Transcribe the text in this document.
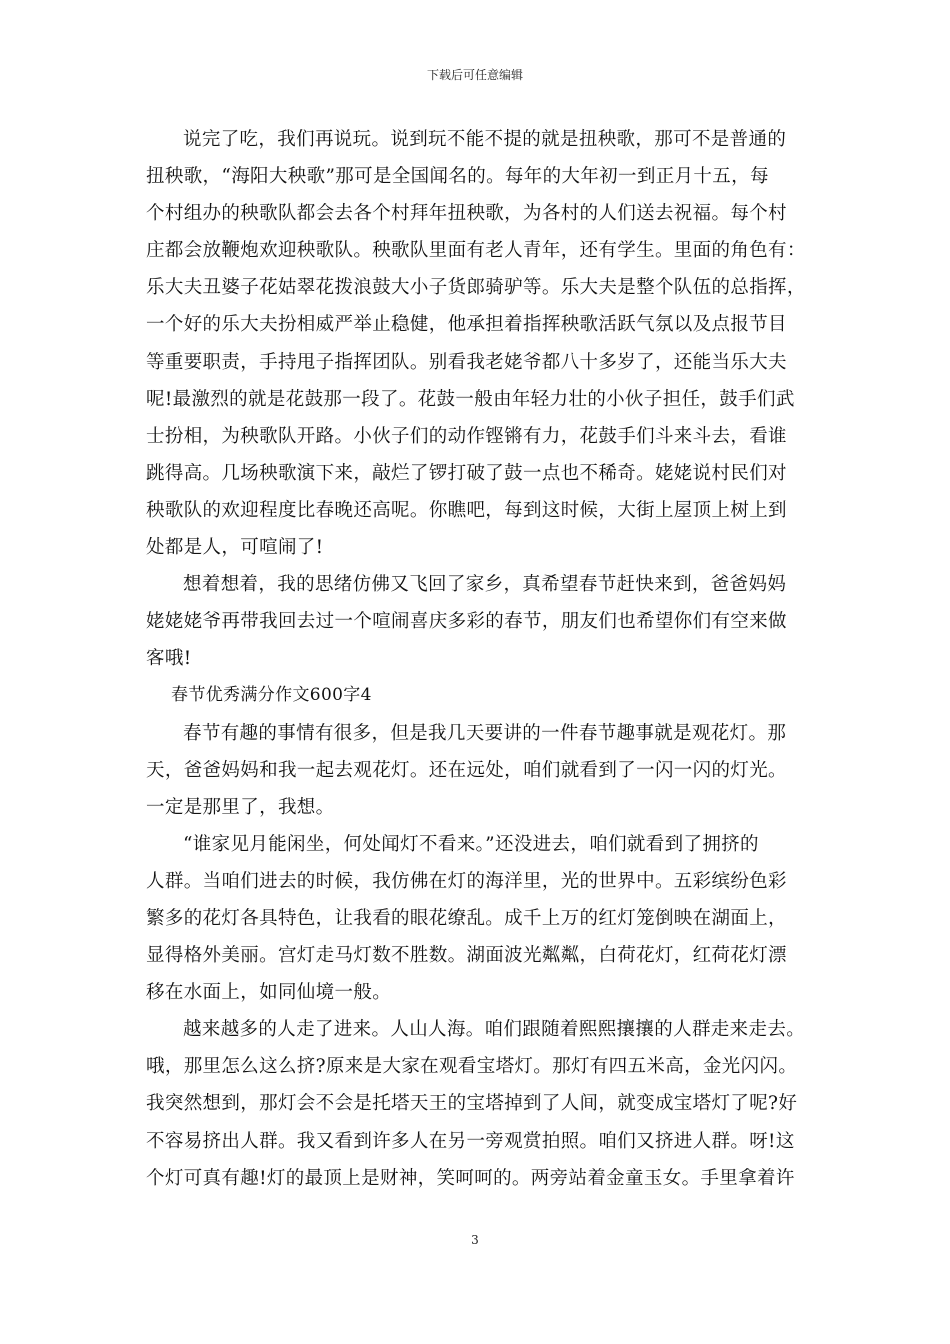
下载后可任意编辑
说完了吃，我们再说玩。说到玩不能不提的就是扭秧歌，那可不是普通的
扭秧歌，“海阳大秧歌”那可是全国闻名的。每年的大年初一到正月十五，每
个村组办的秧歌队都会去各个村拜年扭秧歌，为各村的人们送去祝福。每个村
庄都会放鞭炮欢迎秧歌队。秧歌队里面有老人青年，还有学生。里面的角色有：
乐大夫丑婆子花姑翠花拨浪鼓大小子货郎骑驴等。乐大夫是整个队伍的总指挥，
一个好的乐大夫扮相威严举止稳健，他承担着指挥秧歌活跃气氛以及点报节目
等重要职责，手持甩子指挥团队。别看我老姥爷都八十多岁了，还能当乐大夫
呢!最激烈的就是花鼓那一段了。花鼓一般由年轻力壮的小伙子担任，鼓手们武
士扮相，为秧歌队开路。小伙子们的动作铿锵有力，花鼓手们斗来斗去，看谁
跳得高。几场秧歌演下来，敲烂了锣打破了鼓一点也不稀奇。姥姥说村民们对
秧歌队的欢迎程度比春晚还高呢。你瞧吧，每到这时候，大街上屋顶上树上到
处都是人，可喧闹了!
想着想着，我的思绪仿佛又飞回了家乡，真希望春节赶快来到，爸爸妈妈
姥姥姥爷再带我回去过一个喧闹喜庆多彩的春节，朋友们也希望你们有空来做
客哦!
春节优秀满分作文600字4
春节有趣的事情有很多，但是我几天要讲的一件春节趣事就是观花灯。那
天，爸爸妈妈和我一起去观花灯。还在远处，咱们就看到了一闪一闪的灯光。
一定是那里了，我想。
“谁家见月能闲坐，何处闻灯不看来。”还没进去，咱们就看到了拥挤的
人群。当咱们进去的时候，我仿佛在灯的海洋里，光的世界中。五彩缤纷色彩
繁多的花灯各具特色，让我看的眼花缭乱。成千上万的红灯笼倒映在湖面上，
显得格外美丽。宫灯走马灯数不胜数。湖面波光粼粼，白荷花灯，红荷花灯漂
移在水面上，如同仙境一般。
越来越多的人走了进来。人山人海。咱们跟随着熙熙攘攘的人群走来走去。
哦，那里怎么这么挤?原来是大家在观看宝塔灯。那灯有四五米高，金光闪闪。
我突然想到，那灯会不会是托塔天王的宝塔掉到了人间，就变成宝塔灯了呢?好
不容易挤出人群。我又看到许多人在另一旁观赏拍照。咱们又挤进人群。呀!这
个灯可真有趣!灯的最顶上是财神，笑呵呵的。两旁站着金童玉女。手里拿着许
3
